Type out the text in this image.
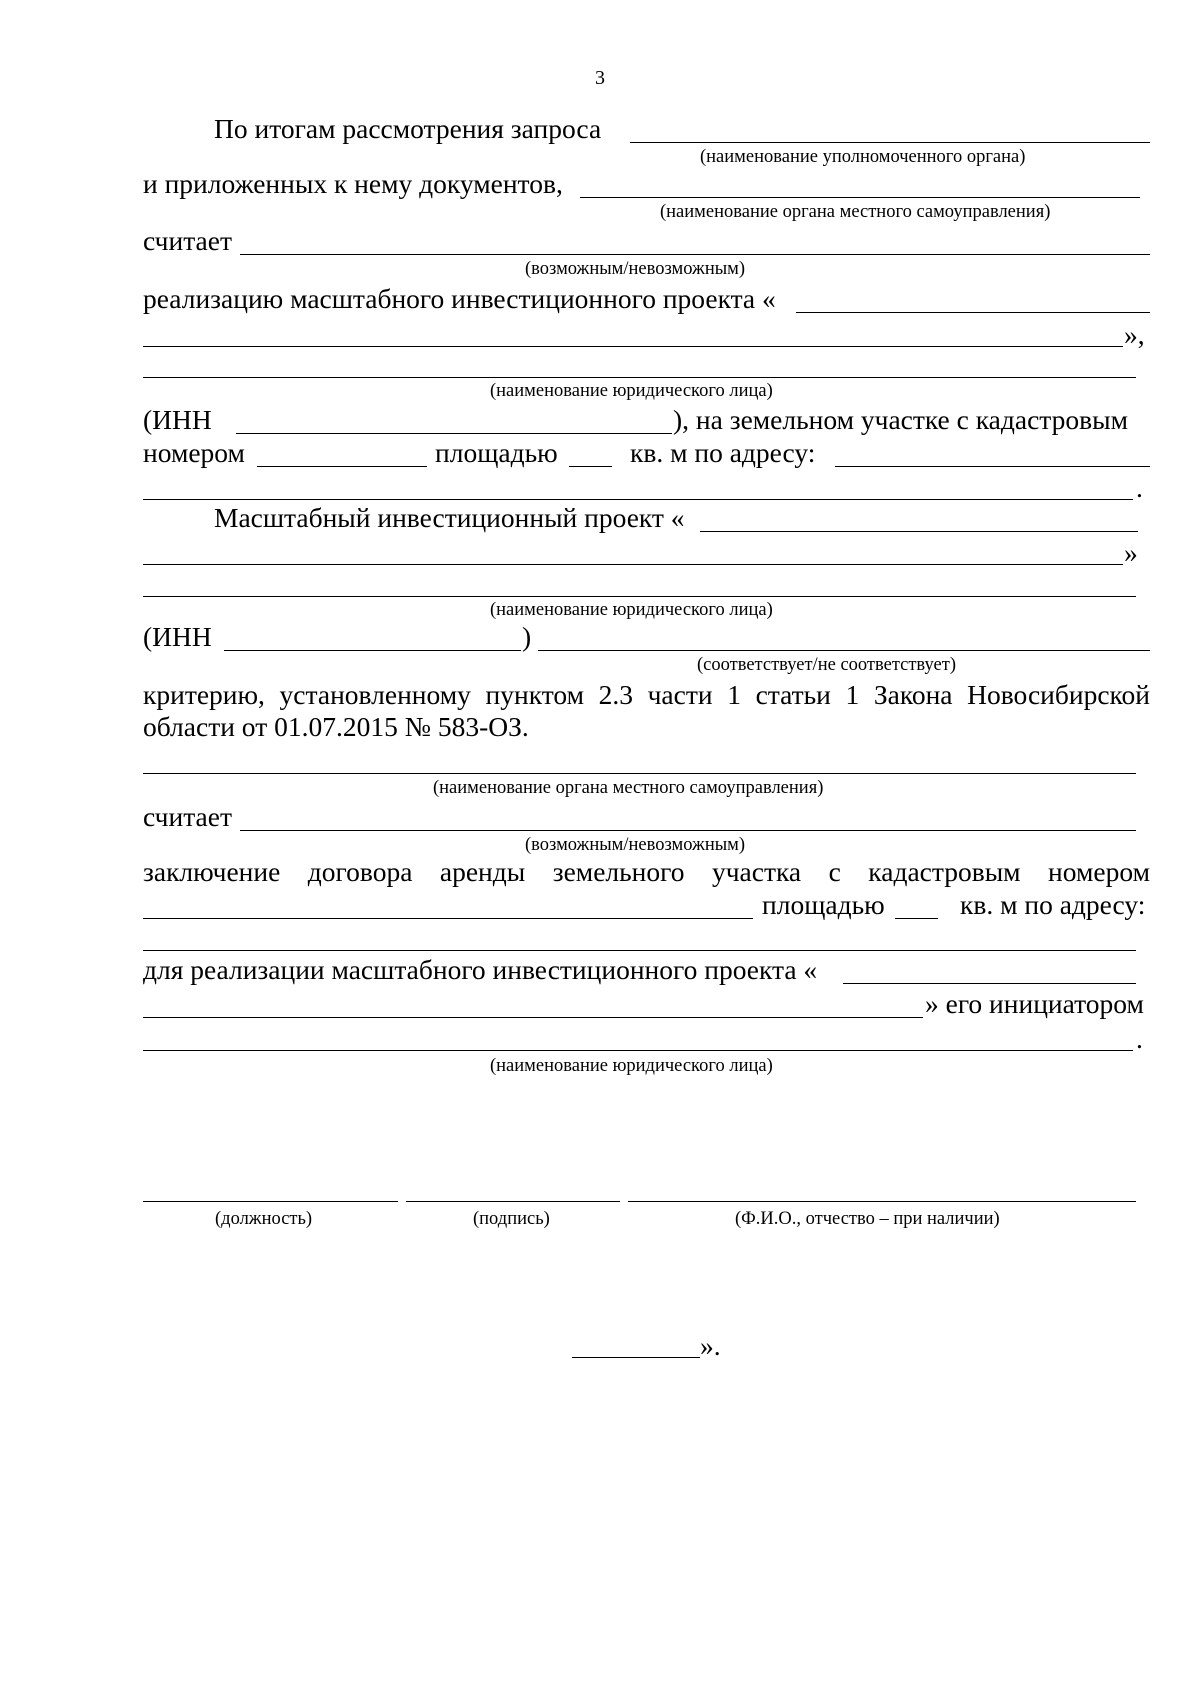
3
По итогам рассмотрения запроса
(наименование уполномоченного органа)
и приложенных к нему документов,
(наименование органа местного самоуправления)
считает
(возможным/невозможным)
реализацию масштабного инвестиционного проекта «
»,
(наименование юридического лица)
(ИНН	), на земельном участке с кадастровым
номером	площадью	кв. м по адресу:
.
Масштабный инвестиционный проект «
»
(наименование юридического лица)
(ИНН	)
(соответствует/не соответствует)
критерию, установленному пунктом 2.3 части 1 статьи 1 Закона Новосибирской
области от 01.07.2015 № 583-ОЗ.
(наименование органа местного самоуправления)
считает
(возможным/невозможным)
заключение договора аренды земельного участка с кадастровым номером
площадью	кв. м по адресу:
для реализации масштабного инвестиционного проекта «
» его инициатором
.
(наименование юридического лица)
(должность)	(подпись)	(Ф.И.О., отчество – при наличии)
».
